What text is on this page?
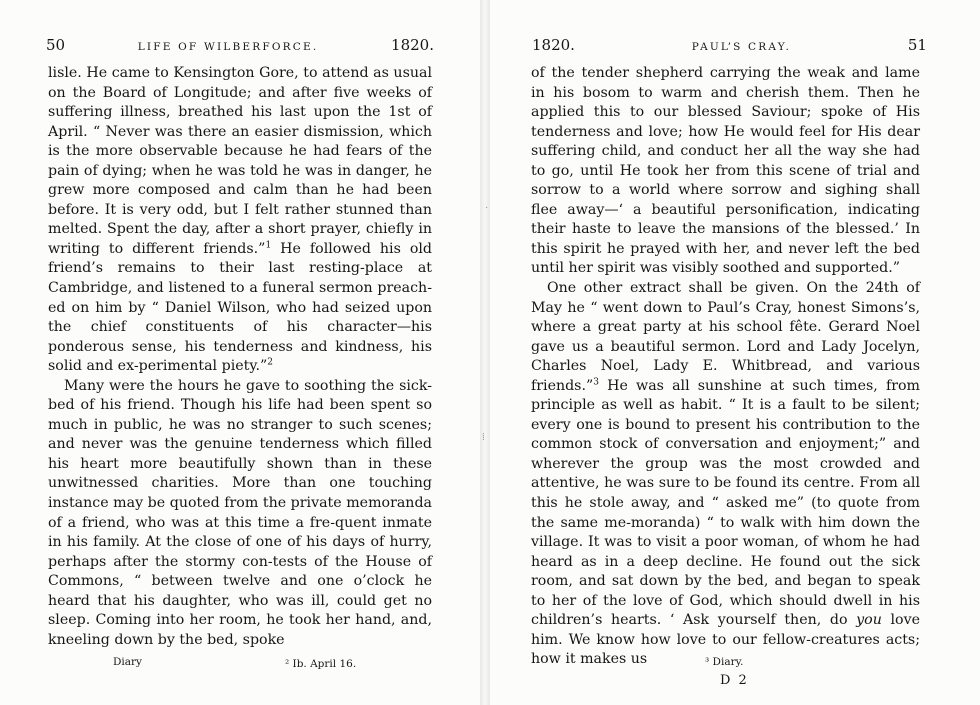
50	LIFE OF WILBERFORCE.	1820.

lisle. He came to Kensington Gore, to attend as usual on the Board of Longitude; and after five weeks of suffering illness, breathed his last upon the 1st of April. “ Never was there an easier dismission, which is the more observable because he had fears of the pain of dying; when he was told he was in danger, he grew more composed and calm than he had been before. It is very odd, but I felt rather stunned than melted. Spent the day, after a short prayer, chiefly in writing to different friends.”$^1$ He followed his old friend’s remains to their last resting-place at Cambridge, and listened to a funeral sermon preach-ed on him by “ Daniel Wilson, who had seized upon the chief constituents of his character—his ponderous sense, his tenderness and kindness, his solid and ex-perimental piety.”$^2$

Many were the hours he gave to soothing the sick-bed of his friend. Though his life had been spent so much in public, he was no stranger to such scenes; and never was the genuine tenderness which filled his heart more beautifully shown than in these unwitnessed charities. More than one touching instance may be quoted from the private memoranda of a friend, who was at this time a fre-quent inmate in his family. At the close of one of his days of hurry, perhaps after the stormy con-tests of the House of Commons, “ between twelve and one o’clock he heard that his daughter, who was ill, could get no sleep. Coming into her room, he took her hand, and, kneeling down by the bed, spoke

Diary	² Ib. April 16.
1820.	PAUL’S CRAY.	51

of the tender shepherd carrying the weak and lame in his bosom to warm and cherish them. Then he applied this to our blessed Saviour; spoke of His tenderness and love; how He would feel for His dear suffering child, and conduct her all the way she had to go, until He took her from this scene of trial and sorrow to a world where sorrow and sighing shall flee away—‘ a beautiful personification, indicating their haste to leave the mansions of the blessed.’ In this spirit he prayed with her, and never left the bed until her spirit was visibly soothed and supported.”

One other extract shall be given. On the 24th of May he “ went down to Paul’s Cray, honest Simons’s, where a great party at his school fête. Gerard Noel gave us a beautiful sermon. Lord and Lady Jocelyn, Charles Noel, Lady E. Whitbread, and various friends.”$^3$ He was all sunshine at such times, from principle as well as habit. “ It is a fault to be silent; every one is bound to present his contribution to the common stock of conversation and enjoyment;” and wherever the group was the most crowded and attentive, he was sure to be found its centre. From all this he stole away, and “ asked me” (to quote from the same me-moranda) “ to walk with him down the village. It was to visit a poor woman, of whom he had heard as in a deep decline. He found out the sick room, and sat down by the bed, and began to speak to her of the love of God, which should dwell in his children’s hearts. ‘ Ask yourself then, do you love him. We know how love to our fellow-creatures acts; how it makes us	³ Diary.
D 2
·
⁞
